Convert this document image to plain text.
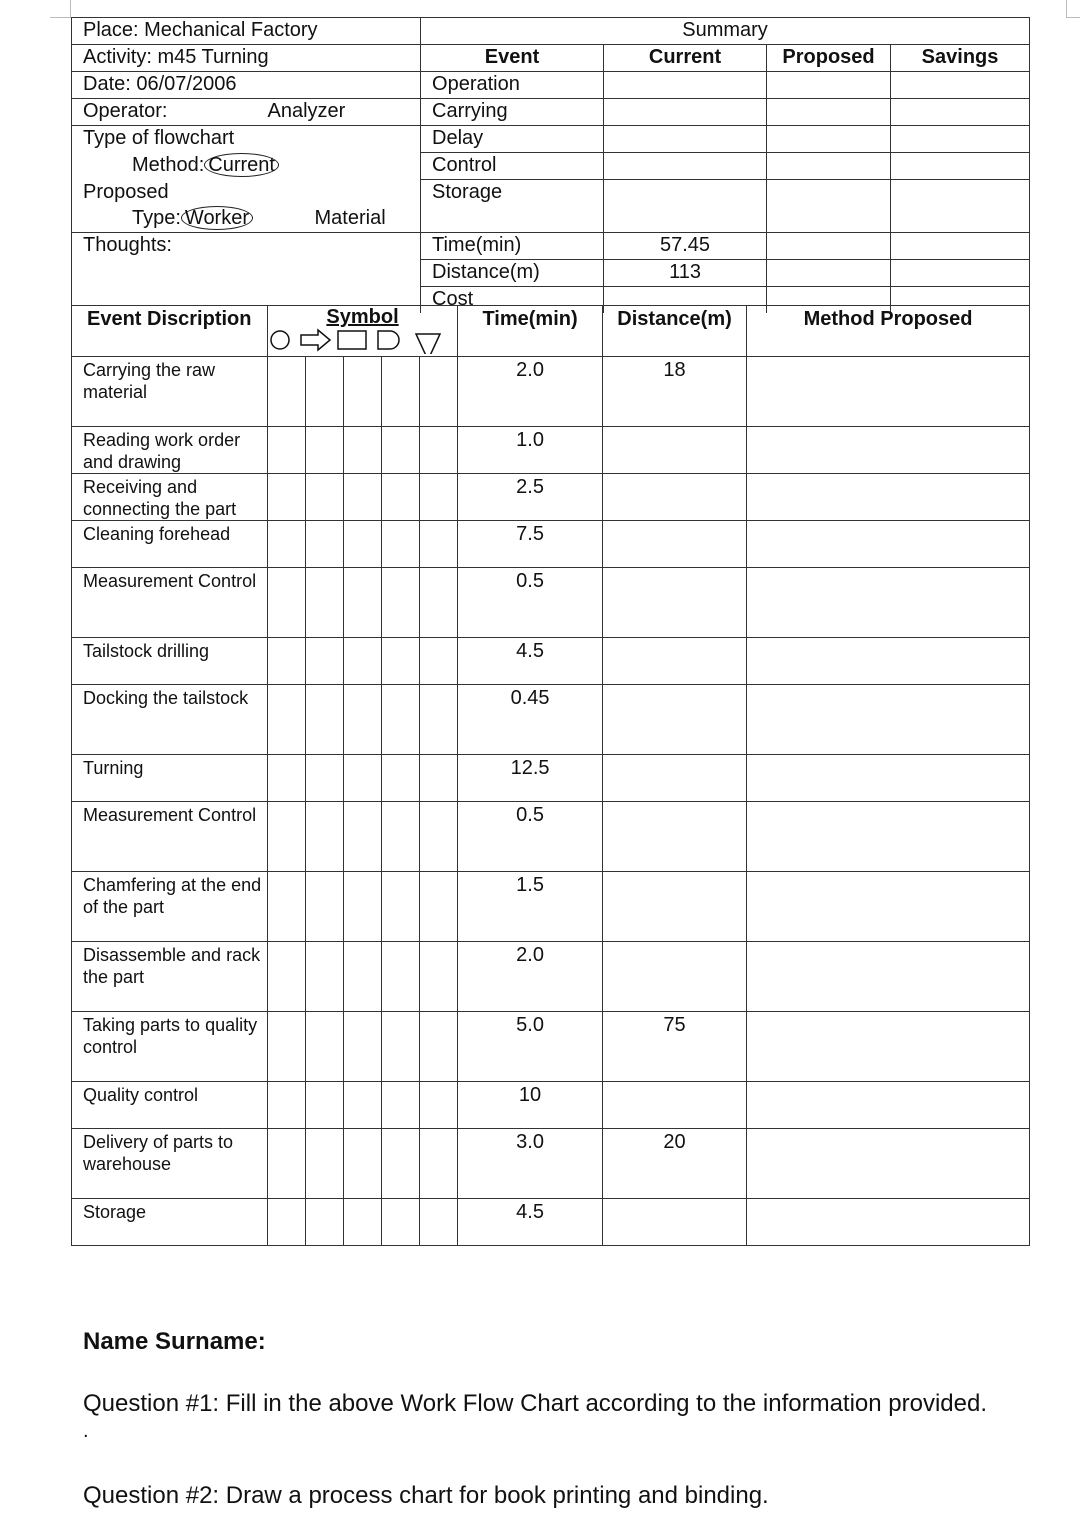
Place: Mechanical Factory		Summary			
Activity: m45 Turning		Event	Current	Proposed	Savings
Date: 06/07/2006		Operation			
Operator:	Analyzer	Carrying			
Type of flowchart		Delay			
Method: Current		Control			
Proposed		Storage			
Type: Worker	Material				
Thoughts:		Time(min)	57.45		
		Distance(m)	113		
		Cost			
Event Discription	Symbol					Time(min)	Distance(m)	Method Proposed
Carrying the raw material						2.0	18	
Reading work order and drawing						1.0		
Receiving and connecting the part						2.5		
Cleaning forehead						7.5		
Measurement Control						0.5		
Tailstock drilling						4.5		
Docking the tailstock						0.45		
Turning						12.5		
Measurement Control						0.5		
Chamfering at the end of the part						1.5		
Disassemble and rack the part						2.0		
Taking parts to quality control						5.0	75	
Quality control						10		
Delivery of parts to warehouse						3.0	20	
Storage						4.5		
Name Surname:
Question #1: Fill in the above Work Flow Chart according to the information provided.
.
Question #2: Draw a process chart for book printing and binding.
